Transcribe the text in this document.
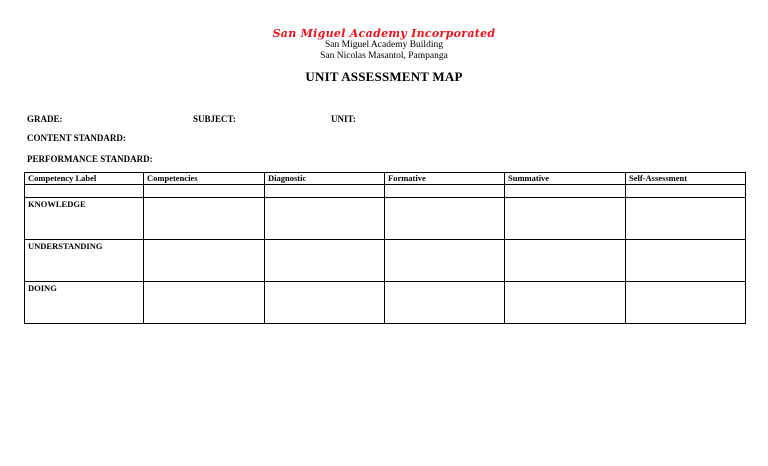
San Miguel Academy Incorporated
San Miguel Academy Building
San Nicolas Masantol, Pampanga
UNIT ASSESSMENT MAP
GRADE:	SUBJECT:	UNIT:
CONTENT STANDARD:
PERFORMANCE STANDARD:
Competency Label	Competencies	Diagnostic	Formative	Summative	Self-Assessment

KNOWLEDGE					
UNDERSTANDING					
DOING					
